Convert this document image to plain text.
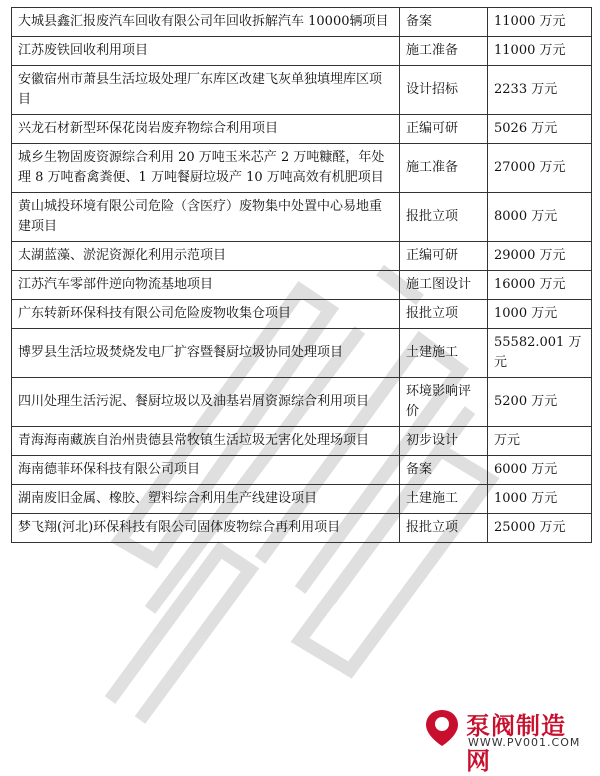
大城县鑫汇报废汽车回收有限公司年回收拆解汽车 10000辆项目	备案	11000 万元
江苏废铁回收利用项目	施工准备	11000 万元
安徽宿州市萧县生活垃圾处理厂东库区改建飞灰单独填埋库区项目	设计招标	2233 万元
兴龙石材新型环保花岗岩废弃物综合利用项目	正编可研	5026 万元
城乡生物固废资源综合利用 20 万吨玉米芯产 2 万吨糠醛，年处理 8 万吨畜禽粪便、1 万吨餐厨垃圾产 10 万吨高效有机肥项目	施工准备	27000 万元
黄山城投环境有限公司危险（含医疗）废物集中处置中心易地重建项目	报批立项	8000 万元
太湖蓝藻、淤泥资源化利用示范项目	正编可研	29000 万元
江苏汽车零部件逆向物流基地项目	施工图设计	16000 万元
广东转新环保科技有限公司危险废物收集仓项目	报批立项	1000 万元
博罗县生活垃圾焚烧发电厂扩容暨餐厨垃圾协同处理项目	土建施工	55582.001 万元
四川处理生活污泥、餐厨垃圾以及油基岩屑资源综合利用项目	环境影响评价	5200 万元
青海海南藏族自治州贵德县常牧镇生活垃圾无害化处理场项目	初步设计	万元
海南德菲环保科技有限公司项目	备案	6000 万元
湖南废旧金属、橡胶、塑料综合利用生产线建设项目	土建施工	1000 万元
梦飞翔(河北)环保科技有限公司固体废物综合再利用项目	报批立项	25000 万元
泵阀制造网
WWW.PV001.COM
